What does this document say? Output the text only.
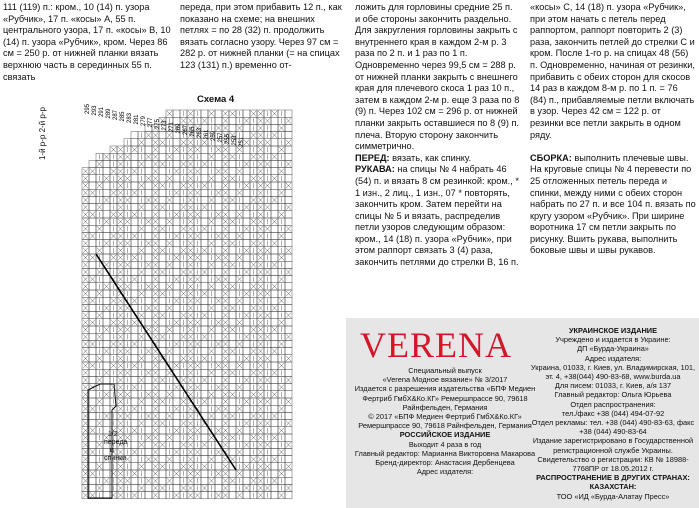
111 (119) п.: кром., 10 (14) п. узора «Рубчик», 17 п. «косы» А, 55 п. центрального узора, 17 п. «косы» В, 10 (14) п. узора «Рубчик», кром. Через 86 см = 250 р. от нижней планки вязать верхнюю часть в серединных 55 п. связать
переда, при этом прибавить 12 п., как показано на схеме; на внешних петлях = по 28 (32) п. продолжить вязать согласно узору. Через 97 см = 282 р. от нижней планки (= на спицах 123 (131) п.) временно от-
ложить для горловины средние 25 п. и обе стороны закончить раздельно. Для закругления горловины закрыть с внутреннего края в каждом 2-м р. 3 раза по 2 п. и 1 раз по 1 п. Одновременно через 99,5 см = 288 р. от нижней планки закрыть с внешнего края для плечевого скоса 1 раз 10 п., затем в каждом 2-м р. еще 3 раза по 8 (9) п. Через 102 см = 296 р. от нижней планки закрыть оставшиеся по 8 (9) п. плеча. Вторую сторону закончить симметрично.
ПЕРЕД: вязать, как спинку.
РУКАВА: на спицы № 4 набрать 46 (54) п. и вязать 8 см резинкой: кром., * 1 изн., 2 лиц., 1 изн., 07 * повторять, закончить кром. Затем перейти на спицы № 5 и вязать, распределив петли узоров следующим образом: кром., 14 (18) п. узора «Рубчик», при этом раппорт связать 3 (4) раза, закончить петлями до стрелки В, 16 п.
«косы» С, 14 (18) п. узора «Рубчик», при этом начать с петель перед раппортом, раппорт повторить 2 (3) раза, закончить петлей до стрелки С и кром. После 1-го р. на спицах 48 (56) п. Одновременно, начиная от резинки, прибавить с обеих сторон для скосов 14 раз в каждом 8-м р. по 1 п. = 76 (84) п., прибавляемые петли включать в узор. Через 42 см = 122 р. от резинки все петли закрыть в одном ряду.

СБОРКА: выполнить плечевые швы. На круговые спицы № 4 перевести по 25 отложенных петель переда и спинки, между ними с обеих сторон набрать по 27 п. и все 104 п. вязать по кругу узором «Рубчик». При ширине воротника 17 см петли закрыть по рисунку. Вшить рукава, выполнить боковые швы и швы рукавов.
Схема 4
295 293 291 289 287 285 283 281 279 277 275 273 271 269 267 265 263 261 259 257 255 253 251
1/2
переда
и
спинки
1-й р-р 2-й р-р
VERENA
Специальный выпуск
«Verena Модное вязание» № 3/2017
Издается с разрешения издательства «БПФ Медиен Фертриб ГмбХ&Ко.КГ» Ремершпрассе 90, 79618 Райнфельден, Германия
© 2017 «БПФ Медиен Фертриб ГмбХ&Ко.КГ» Ремершпрассе 90, 79618 Райнфельден, Германия
РОССИЙСКОЕ ИЗДАНИЕ
Выходит 4 раза в год
Главный редактор: Марианна Викторовна Макарова
Бренд-директор: Анастасия Дербенцева
Адрес издателя:
УКРАИНСКОЕ ИЗДАНИЕ
Учреждено и издается в Украине:
ДП «Бурда-Украина»
Адрес издателя:
Украина, 01033, г. Киев, ул. Владимирская, 101, эт. 4, +38(044) 490-83-68, www.burda.ua
Для писем: 01033, г. Киев, а/я 137
Главный редактор: Ольга Юрьева
Отдел распространения:
тел./факс +38 (044) 494-07-92
Отдел рекламы: тел. +38 (044) 490-83-63, факс +38 (044) 490-83-64
Издание зарегистрировано в Государственной регистрационной службе Украины. Свидетельство о регистрации: КВ № 18988-7768ПР от 18.05.2012 г.
РАСПРОСТРАНЕНИЕ В ДРУГИХ СТРАНАХ:
КАЗАХСТАН:
ТОО «ИД «Бурда-Алатау Пресс»
